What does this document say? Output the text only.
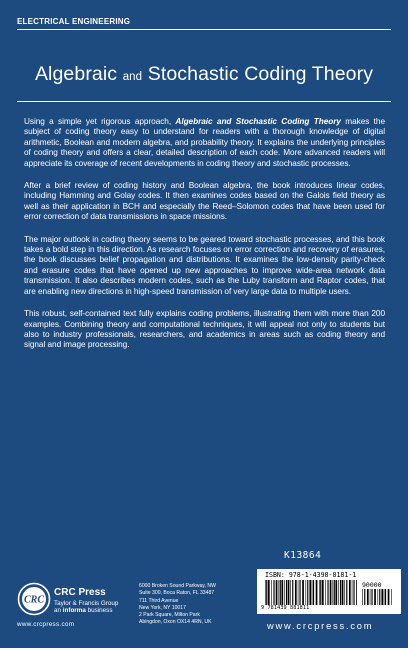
ELECTRICAL ENGINEERING
Algebraic and Stochastic Coding Theory

Using a simple yet rigorous approach, Algebraic and Stochastic Coding Theory makes the subject of coding theory easy to understand for readers with a thorough knowledge of digital arithmetic, Boolean and modern algebra, and probability theory. It explains the underlying principles of coding theory and offers a clear, detailed description of each code. More advanced readers will appreciate its coverage of recent developments in coding theory and stochastic processes.

After a brief review of coding history and Boolean algebra, the book introduces linear codes, including Hamming and Golay codes. It then examines codes based on the Galois field theory as well as their application in BCH and especially the Reed–Solomon codes that have been used for error correction of data transmissions in space missions.

The major outlook in coding theory seems to be geared toward stochastic processes, and this book takes a bold step in this direction. As research focuses on error correction and recovery of erasures, the book discusses belief propagation and distributions. It examines the low-density parity-check and erasure codes that have opened up new approaches to improve wide-area network data transmission. It also describes modern codes, such as the Luby transform and Raptor codes, that are enabling new directions in high-speed transmission of very large data to multiple users.

This robust, self-contained text fully explains coding problems, illustrating them with more than 200 examples. Combining theory and computational techniques, it will appeal not only to students but also to industry professionals, researchers, and academics in areas such as coding theory and signal and image processing.

K13864
ISBN: 978-1-4398-8181-1
90000
9 781439 881811
CRC
CRC Press
Taylor & Francis Group
an informa business
www.crcpress.com
6000 Broken Sound Parkway, NW
Suite 300, Boca Raton, FL 33487
711 Third Avenue
New York, NY 10017
2 Park Square, Milton Park
Abingdon, Oxon OX14 4RN, UK	www.crcpress.com
